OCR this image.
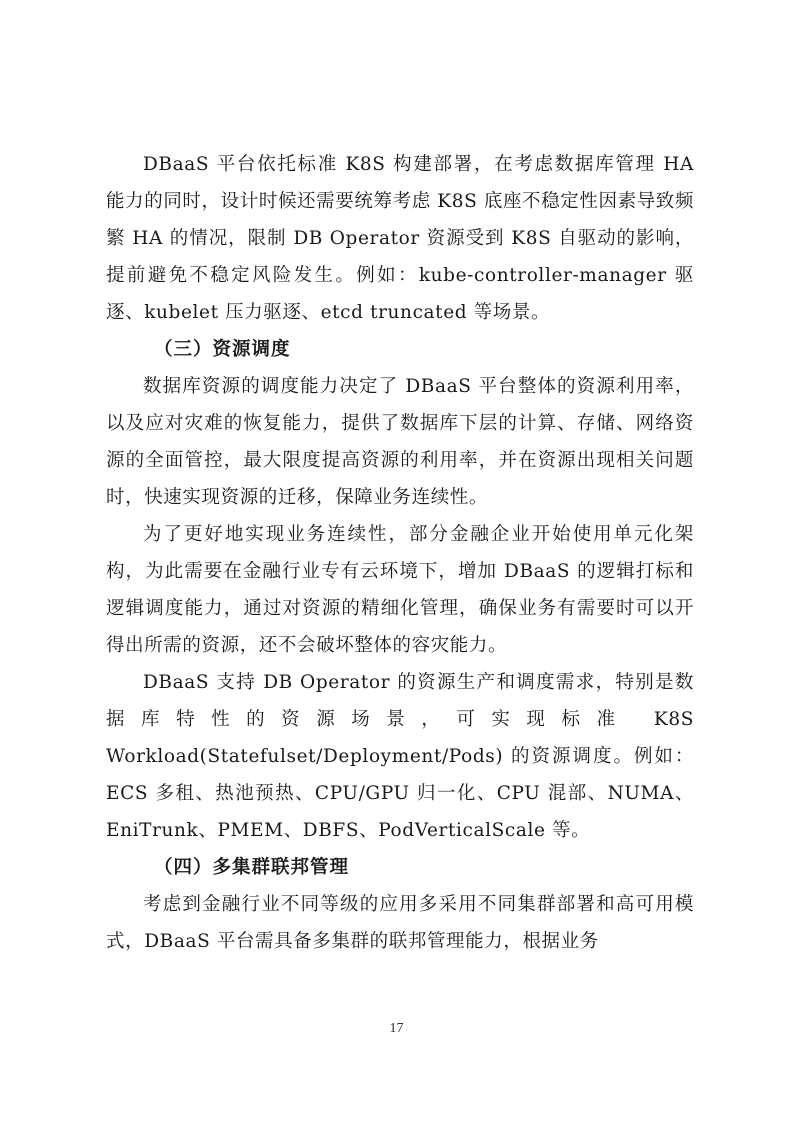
DBaaS 平台依托标准 K8S 构建部署，在考虑数据库管理 HA 能力的同时，设计时候还需要统筹考虑 K8S 底座不稳定性因素导致频繁 HA 的情况，限制 DB Operator 资源受到 K8S 自驱动的影响，提前避免不稳定风险发生。例如：kube-controller-manager 驱逐、kubelet 压力驱逐、etcd truncated 等场景。

（三）资源调度

数据库资源的调度能力决定了 DBaaS 平台整体的资源利用率，以及应对灾难的恢复能力，提供了数据库下层的计算、存储、网络资源的全面管控，最大限度提高资源的利用率，并在资源出现相关问题时，快速实现资源的迁移，保障业务连续性。

为了更好地实现业务连续性，部分金融企业开始使用单元化架构，为此需要在金融行业专有云环境下，增加 DBaaS 的逻辑打标和逻辑调度能力，通过对资源的精细化管理，确保业务有需要时可以开得出所需的资源，还不会破坏整体的容灾能力。

DBaaS 支持 DB Operator 的资源生产和调度需求，特别是数据库特性的资源场景，可实现标准 K8S Workload(Statefulset/Deployment/Pods) 的资源调度。例如：ECS 多租、热池预热、CPU/GPU 归一化、CPU 混部、NUMA、EniTrunk、PMEM、DBFS、PodVerticalScale 等。

（四）多集群联邦管理

考虑到金融行业不同等级的应用多采用不同集群部署和高可用模式，DBaaS 平台需具备多集群的联邦管理能力，根据业务

17
